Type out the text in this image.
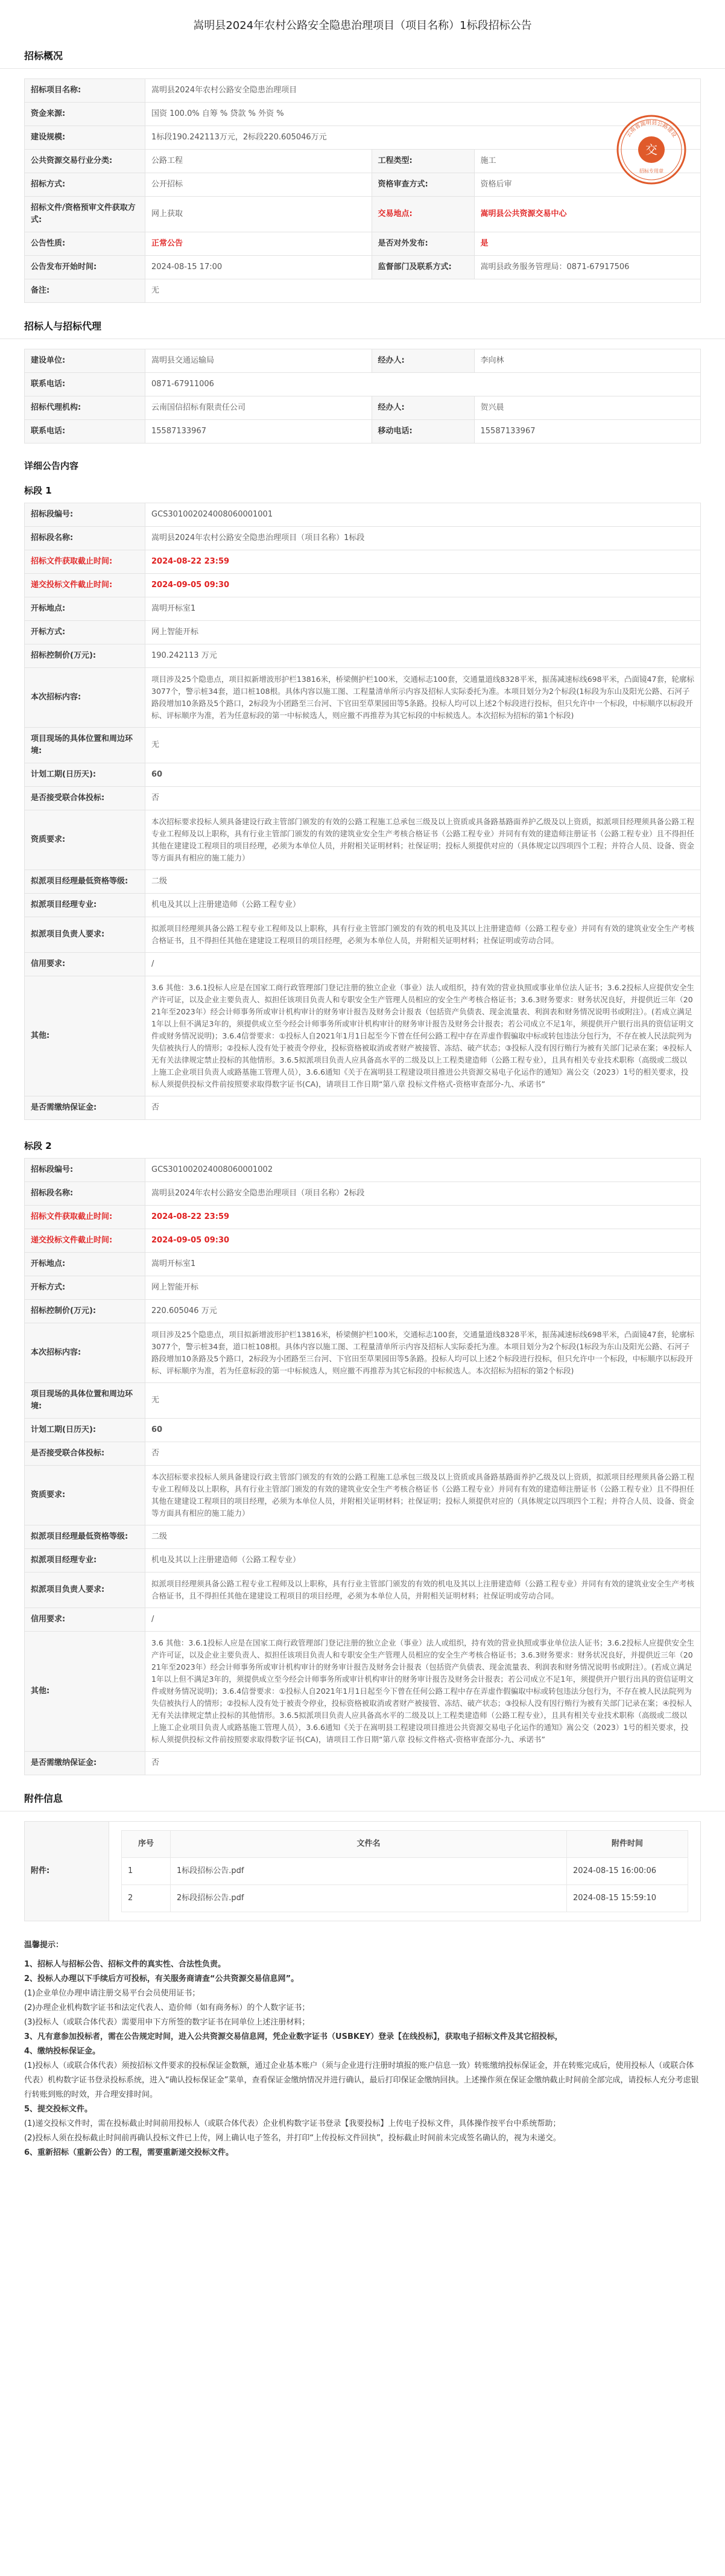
嵩明县2024年农村公路安全隐患治理项目（项目名称）1标段招标公告
招标概况
招标项目名称:	嵩明县2024年农村公路安全隐患治理项目		
资金来源:	国资 100.0% 自筹 % 贷款 % 外资 %		
建设规模:	1标段190.242113万元，2标段220.605046万元		
公共资源交易行业分类:	公路工程	工程类型:	施工
招标方式:	公开招标	资格审查方式:	资格后审
招标文件/资格预审文件获取方式:	网上获取	交易地点:	嵩明县公共资源交易中心
公告性质:	正常公告	是否对外发布:	是
公告发布开始时间:	2024-08-15 17:00	监督部门及联系方式:	嵩明县政务服务管理局：0871-67917506
备注:	无		
云南省嵩明县公路建设
交
招标专用章
招标人与招标代理
建设单位:	嵩明县交通运输局	经办人:	李向林
联系电话:	0871-67911006		
招标代理机构:	云南国信招标有限责任公司	经办人:	贺兴晨
联系电话:	15587133967	移动电话:	15587133967
详细公告内容
标段 1
招标段编号:	GCS301002024008060001001
招标段名称:	嵩明县2024年农村公路安全隐患治理项目（项目名称）1标段
招标文件获取截止时间:	2024-08-22 23:59
递交投标文件截止时间:	2024-09-05 09:30
开标地点:	嵩明开标室1
开标方式:	网上智能开标
招标控制价(万元):	190.242113 万元
本次招标内容:	项目涉及25个隐患点，项目拟新增波形护栏13816米，桥梁侧护栏100米，交通标志100套，交通量道线8328平米，振荡减速标线698平米，凸面镜47套，轮廓标3077个，警示桩34套，道口桩108根。具体内容以施工图、工程量清单所示内容及招标人实际委托为准。本项目划分为2个标段(1标段为东山及阳光公路、石河子路段增加10条路及5个路口，2标段为小团路至三台河、下官田至草果园田等5条路。投标人均可以上述2个标段进行投标，但只允许中一个标段，中标顺序以标段开标、评标顺序为准，若为任意标段的第一中标候选人，则应撤不再推荐为其它标段的中标候选人。本次招标为招标的第1个标段)
项目现场的具体位置和周边环境:	无
计划工期(日历天):	60
是否接受联合体投标:	否
资质要求:	本次招标要求投标人须具备建设行政主管部门颁发的有效的公路工程施工总承包三级及以上资质或具备路基路面养护乙级及以上资质，拟派项目经理须具备公路工程专业工程师及以上职称，具有行业主管部门颁发的有效的建筑业安全生产考核合格证书（公路工程专业）并同有有效的建造师注册证书（公路工程专业）且不得担任其他在建建设工程项目的项目经理，必须为本单位人员，并附相关证明材料；社保证明；投标人须提供对应的（具体规定以四项四个工程；并符合人员、设备、资金等方面具有相应的施工能力）
拟派项目经理最低资格等级:	二级
拟派项目经理专业:	机电及其以上注册建造师（公路工程专业）
拟派项目负责人要求:	拟派项目经理须具备公路工程专业工程师及以上职称，具有行业主管部门颁发的有效的机电及其以上注册建造师（公路工程专业）并同有有效的建筑业安全生产考核合格证书，且不得担任其他在建建设工程项目的项目经理，必须为本单位人员，并附相关证明材料；社保证明或劳动合同。
信用要求:	/
其他:	3.6 其他：3.6.1投标人应是在国家工商行政管理部门登记注册的独立企业（事业）法人或组织，持有效的营业执照或事业单位法人证书；3.6.2投标人应提供安全生产许可证，以及企业主要负责人、拟担任该项目负责人和专职安全生产管理人员相应的安全生产考核合格证书；3.6.3财务要求：财务状况良好，并提供近三年（2021年至2023年）经会计师事务所或审计机构审计的财务审计报告及财务会计报表（包括资产负债表、现金流量表、利润表和财务情况说明书或附注）。(若成立满足1年以上但不满足3年的，须提供成立至今经会计师事务所或审计机构审计的财务审计报告及财务会计报表；若公司成立不足1年，须提供开户银行出具的资信证明文件或财务情况说明)；3.6.4信誉要求：①投标人自2021年1月1日起至今下曾在任何公路工程中存在弄虚作假骗取中标或转包违法分包行为，不存在被人民法院列为失信被执行人的情形；②投标人没有处于被责令停业，投标资格被取消或者财产被接管、冻结、破产状态；③投标人没有因行贿行为被有关部门记录在案；④投标人无有关法律规定禁止投标的其他情形。3.6.5拟派项目负责人应具备高水平的二级及以上工程类建造师（公路工程专业），且具有相关专业技术职称（高级或二级以上施工企业项目负责人或路基施工管理人员），3.6.6通知《关于在嵩明县工程建设项目推进公共资源交易电子化运作的通知》嵩公交（2023）1号的相关要求，投标人须提供投标文件前按照要求取得数字证书(CA)，请项目工作日期“第八章 投标文件格式-资格审查部分-九、承诺书”
是否需缴纳保证金:	否
标段 2
招标段编号:	GCS301002024008060001002
招标段名称:	嵩明县2024年农村公路安全隐患治理项目（项目名称）2标段
招标文件获取截止时间:	2024-08-22 23:59
递交投标文件截止时间:	2024-09-05 09:30
开标地点:	嵩明开标室1
开标方式:	网上智能开标
招标控制价(万元):	220.605046 万元
本次招标内容:	项目涉及25个隐患点，项目拟新增波形护栏13816米，桥梁侧护栏100米，交通标志100套，交通量道线8328平米，振荡减速标线698平米，凸面镜47套，轮廓标3077个，警示桩34套，道口桩108根。具体内容以施工图、工程量清单所示内容及招标人实际委托为准。本项目划分为2个标段(1标段为东山及阳光公路、石河子路段增加10条路及5个路口，2标段为小团路至三台河、下官田至草果园田等5条路。投标人均可以上述2个标段进行投标，但只允许中一个标段，中标顺序以标段开标、评标顺序为准，若为任意标段的第一中标候选人，则应撤不再推荐为其它标段的中标候选人。本次招标为招标的第2个标段)
项目现场的具体位置和周边环境:	无
计划工期(日历天):	60
是否接受联合体投标:	否
资质要求:	本次招标要求投标人须具备建设行政主管部门颁发的有效的公路工程施工总承包三级及以上资质或具备路基路面养护乙级及以上资质，拟派项目经理须具备公路工程专业工程师及以上职称，具有行业主管部门颁发的有效的建筑业安全生产考核合格证书（公路工程专业）并同有有效的建造师注册证书（公路工程专业）且不得担任其他在建建设工程项目的项目经理，必须为本单位人员，并附相关证明材料；社保证明；投标人须提供对应的（具体规定以四项四个工程；并符合人员、设备、资金等方面具有相应的施工能力）
拟派项目经理最低资格等级:	二级
拟派项目经理专业:	机电及其以上注册建造师（公路工程专业）
拟派项目负责人要求:	拟派项目经理须具备公路工程专业工程师及以上职称，具有行业主管部门颁发的有效的机电及其以上注册建造师（公路工程专业）并同有有效的建筑业安全生产考核合格证书，且不得担任其他在建建设工程项目的项目经理，必须为本单位人员，并附相关证明材料；社保证明或劳动合同。
信用要求:	/
其他:	3.6 其他：3.6.1投标人应是在国家工商行政管理部门登记注册的独立企业（事业）法人或组织，持有效的营业执照或事业单位法人证书；3.6.2投标人应提供安全生产许可证，以及企业主要负责人、拟担任该项目负责人和专职安全生产管理人员相应的安全生产考核合格证书；3.6.3财务要求：财务状况良好，并提供近三年（2021年至2023年）经会计师事务所或审计机构审计的财务审计报告及财务会计报表（包括资产负债表、现金流量表、利润表和财务情况说明书或附注）。(若成立满足1年以上但不满足3年的，须提供成立至今经会计师事务所或审计机构审计的财务审计报告及财务会计报表；若公司成立不足1年，须提供开户银行出具的资信证明文件或财务情况说明)；3.6.4信誉要求：①投标人自2021年1月1日起至今下曾在任何公路工程中存在弄虚作假骗取中标或转包违法分包行为，不存在被人民法院列为失信被执行人的情形；②投标人没有处于被责令停业，投标资格被取消或者财产被接管、冻结、破产状态；③投标人没有因行贿行为被有关部门记录在案；④投标人无有关法律规定禁止投标的其他情形。3.6.5拟派项目负责人应具备高水平的二级及以上工程类建造师（公路工程专业），且具有相关专业技术职称（高级或二级以上施工企业项目负责人或路基施工管理人员），3.6.6通知《关于在嵩明县工程建设项目推进公共资源交易电子化运作的通知》嵩公交（2023）1号的相关要求，投标人须提供投标文件前按照要求取得数字证书(CA)，请项目工作日期“第八章 投标文件格式-资格审查部分-九、承诺书”
是否需缴纳保证金:	否
附件信息
附件:	
序号	文件名	附件时间
1	1标段招标公告.pdf	2024-08-15 16:00:06
2	2标段招标公告.pdf	2024-08-15 15:59:10
温馨提示：

1、招标人与招标公告、招标文件的真实性、合法性负责。

2、投标人办理以下手续后方可投标，有关服务商请查“公共资源交易信息网”。

(1)企业单位办理申请注册交易平台会员使用证书；

(2)办理企业机构数字证书和法定代表人、造价师（如有商务标）的个人数字证书；

(3)投标人（或联合体代表）需要用申下方所签的数字证书在同单位上述注册材料；

3、凡有意参加投标者，需在公告规定时间，进入公共资源交易信息网，凭企业数字证书（USBKEY）登录【在线投标】，获取电子招标文件及其它招投标，

4、缴纳投标保证金。

(1)投标人（或联合体代表）须按招标文件要求的投标保证金数额，通过企业基本账户（须与企业进行注册时填报的账户信息一致）转账缴纳投标保证金，并在转账完成后，使用投标人（或联合体代表）机构数字证书登录投标系统，进入“确认投标保证金”菜单，查看保证金缴纳情况并进行确认，最后打印保证金缴纳回执。上述操作须在保证金缴纳截止时间前全部完成，请投标人充分考虑银行转账到账的时效，并合理安排时间。

5、提交投标文件。

(1)递交投标文件时，需在投标截止时间前用投标人（或联合体代表）企业机构数字证书登录【我要投标】上传电子投标文件，具体操作按平台中系统帮助；

(2)投标人须在投标截止时间前再确认投标文件已上传，网上确认电子签名，并打印“上传投标文件回执”，投标截止时间前未完成签名确认的，视为未递交。

6、重新招标（重新公告）的工程，需要重新递交投标文件。
